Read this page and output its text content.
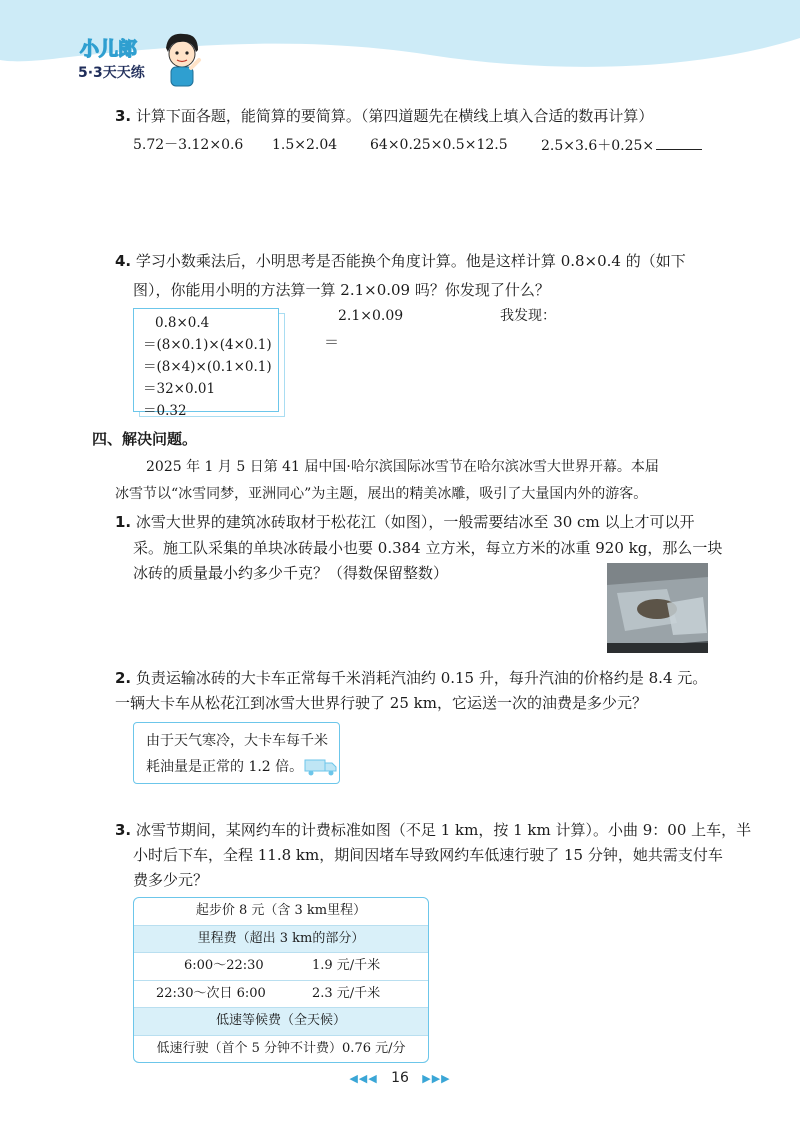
小儿郎
5·3天天练
3. 计算下面各题，能简算的要简算。（第四道题先在横线上填入合适的数再计算）
5.72－3.12×0.6 1.5×2.04 64×0.25×0.5×12.5 2.5×3.6＋0.25×
4. 学习小数乘法后，小明思考是否能换个角度计算。他是这样计算 0.8×0.4 的（如下
图），你能用小明的方法算一算 2.1×0.09 吗？你发现了什么？
0.8×0.4
＝(8×0.1)×(4×0.1)
＝(8×4)×(0.1×0.1)
＝32×0.01
＝0.32
2.1×0.09
＝
我发现：
四、解决问题。
2025 年 1 月 5 日第 41 届中国·哈尔滨国际冰雪节在哈尔滨冰雪大世界开幕。本届
冰雪节以“冰雪同梦，亚洲同心”为主题，展出的精美冰雕，吸引了大量国内外的游客。
1. 冰雪大世界的建筑冰砖取材于松花江（如图），一般需要结冰至 30 cm 以上才可以开
采。施工队采集的单块冰砖最小也要 0.384 立方米，每立方米的冰重 920 kg，那么一块
冰砖的质量最小约多少千克？（得数保留整数）
2. 负责运输冰砖的大卡车正常每千米消耗汽油约 0.15 升，每升汽油的价格约是 8.4 元。
一辆大卡车从松花江到冰雪大世界行驶了 25 km，它运送一次的油费是多少元？
由于天气寒冷，大卡车每千米
耗油量是正常的 1.2 倍。
3. 冰雪节期间，某网约车的计费标准如图（不足 1 km，按 1 km 计算）。小曲 9：00 上车，半
小时后下车，全程 11.8 km，期间因堵车导致网约车低速行驶了 15 分钟，她共需支付车
费多少元？
起步价 8 元（含 3 km里程）
里程费（超出 3 km的部分）
6:00～22:30	1.9 元/千米
22:30～次日 6:00	2.3 元/千米
低速等候费（全天候）
低速行驶（首个 5 分钟不计费）0.76 元/分
◀◀◀ 16 ▶▶▶
